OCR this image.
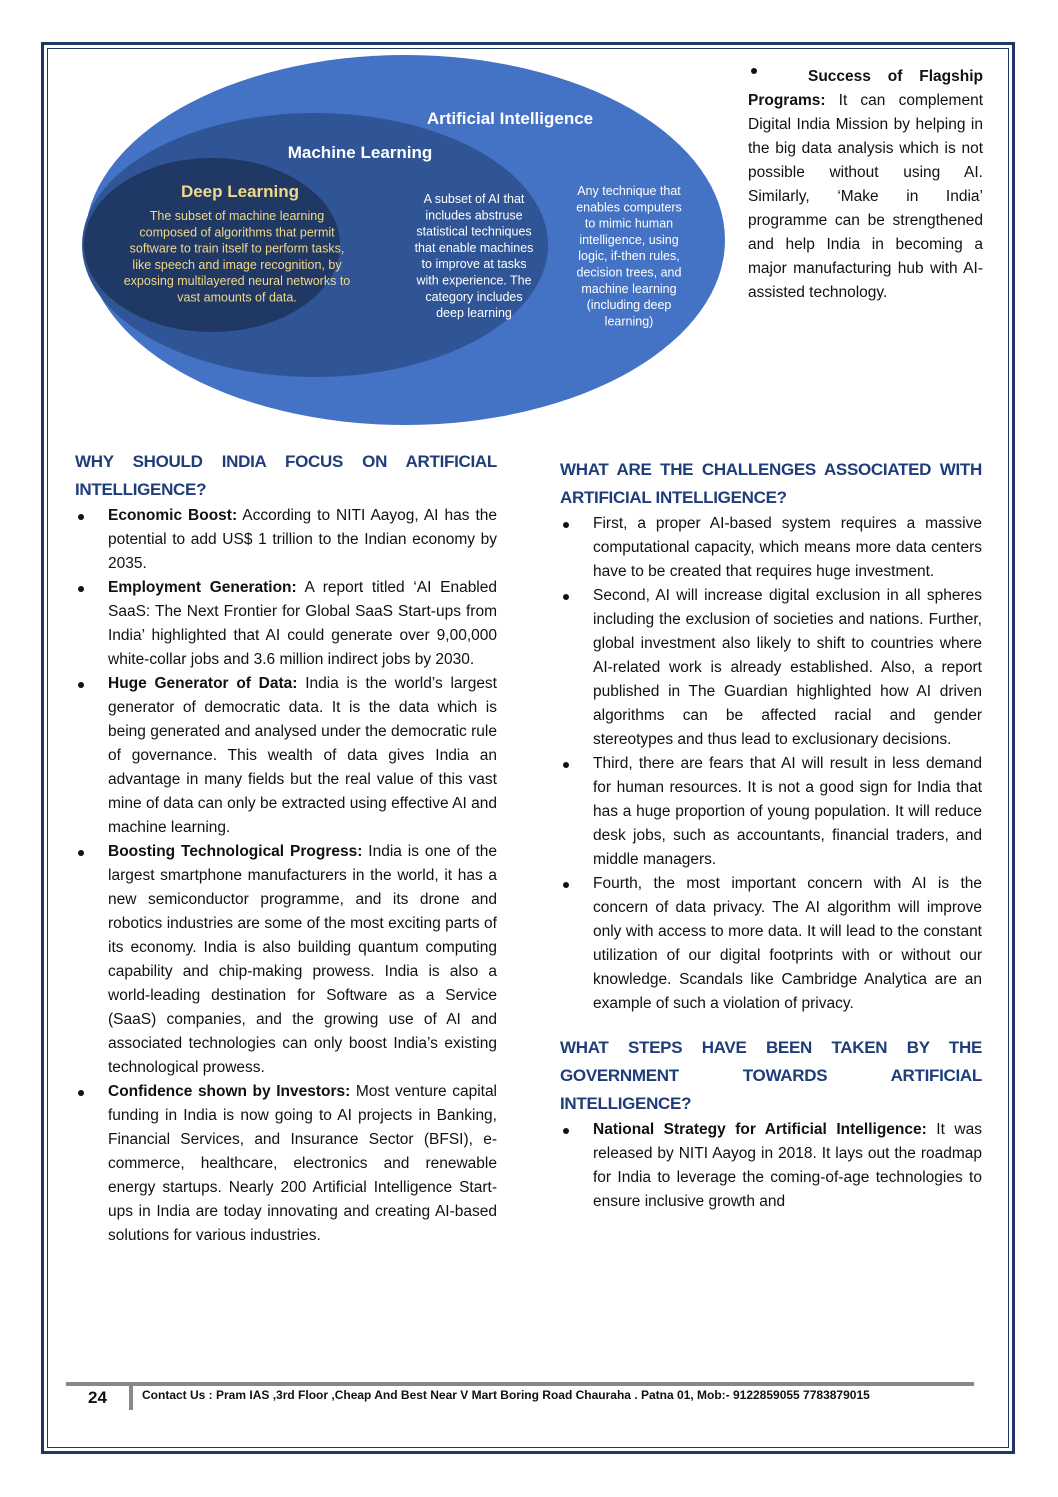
Artificial Intelligence
Machine Learning
Deep Learning
The subset of machine learning
composed of algorithms that permit
software to train itself to perform tasks,
like speech and image recognition, by
exposing multilayered neural networks to
vast amounts of data.
A subset of AI that
includes abstruse
statistical techniques
that enable machines
to improve at tasks
with experience. The
category includes
deep learning
Any technique that
enables computers
to mimic human
intelligence, using
logic, if-then rules,
decision trees, and
machine learning
(including deep
learning)
Success of Flagship Programs: It can complement Digital India Mission by helping in the big data analysis which is not possible without using AI. Similarly, ‘Make in India’ programme can be strengthened and help India in becoming a major manufacturing hub with AI-assisted technology.
WHY SHOULD INDIA FOCUS ON ARTIFICIAL
INTELLIGENCE?
Economic Boost: According to NITI Aayog, AI has the potential to add US$ 1 trillion to the Indian economy by 2035.
Employment Generation: A report titled ‘AI Enabled SaaS: The Next Frontier for Global SaaS Start-ups from India’ highlighted that AI could generate over 9,00,000 white-collar jobs and 3.6 million indirect jobs by 2030.
Huge Generator of Data: India is the world’s largest generator of democratic data. It is the data which is being generated and analysed under the democratic rule of governance. This wealth of data gives India an advantage in many fields but the real value of this vast mine of data can only be extracted using effective AI and machine learning.
Boosting Technological Progress: India is one of the largest smartphone manufacturers in the world, it has a new semiconductor programme, and its drone and robotics industries are some of the most exciting parts of its economy. India is also building quantum computing capability and chip-making prowess. India is also a world-leading destination for Software as a Service (SaaS) companies, and the growing use of AI and associated technologies can only boost India’s existing technological prowess.
Confidence shown by Investors: Most venture capital funding in India is now going to AI projects in Banking, Financial Services, and Insurance Sector (BFSI), e-commerce, healthcare, electronics and renewable energy startups. Nearly 200 Artificial Intelligence Start-ups in India are today innovating and creating AI-based solutions for various industries.
WHAT ARE THE CHALLENGES ASSOCIATED WITH
ARTIFICIAL INTELLIGENCE?
First, a proper AI-based system requires a massive computational capacity, which means more data centers have to be created that requires huge investment.
Second, AI will increase digital exclusion in all spheres including the exclusion of societies and nations. Further, global investment also likely to shift to countries where AI-related work is already established. Also, a report published in The Guardian highlighted how AI driven algorithms can be affected racial and gender stereotypes and thus lead to exclusionary decisions.
Third, there are fears that AI will result in less demand for human resources. It is not a good sign for India that has a huge proportion of young population. It will reduce desk jobs, such as accountants, financial traders, and middle managers.
Fourth, the most important concern with AI is the concern of data privacy. The AI algorithm will improve only with access to more data. It will lead to the constant utilization of our digital footprints with or without our knowledge. Scandals like Cambridge Analytica are an example of such a violation of privacy.
WHAT STEPS HAVE BEEN TAKEN BY THE
GOVERNMENT TOWARDS ARTIFICIAL
INTELLIGENCE?
National Strategy for Artificial Intelligence: It was released by NITI Aayog in 2018. It lays out the roadmap for India to leverage the coming-of-age technologies to ensure inclusive growth and
24	Contact Us : Pram IAS ,3rd Floor ,Cheap And Best Near V Mart Boring Road Chauraha . Patna 01, Mob:- 9122859055 7783879015
